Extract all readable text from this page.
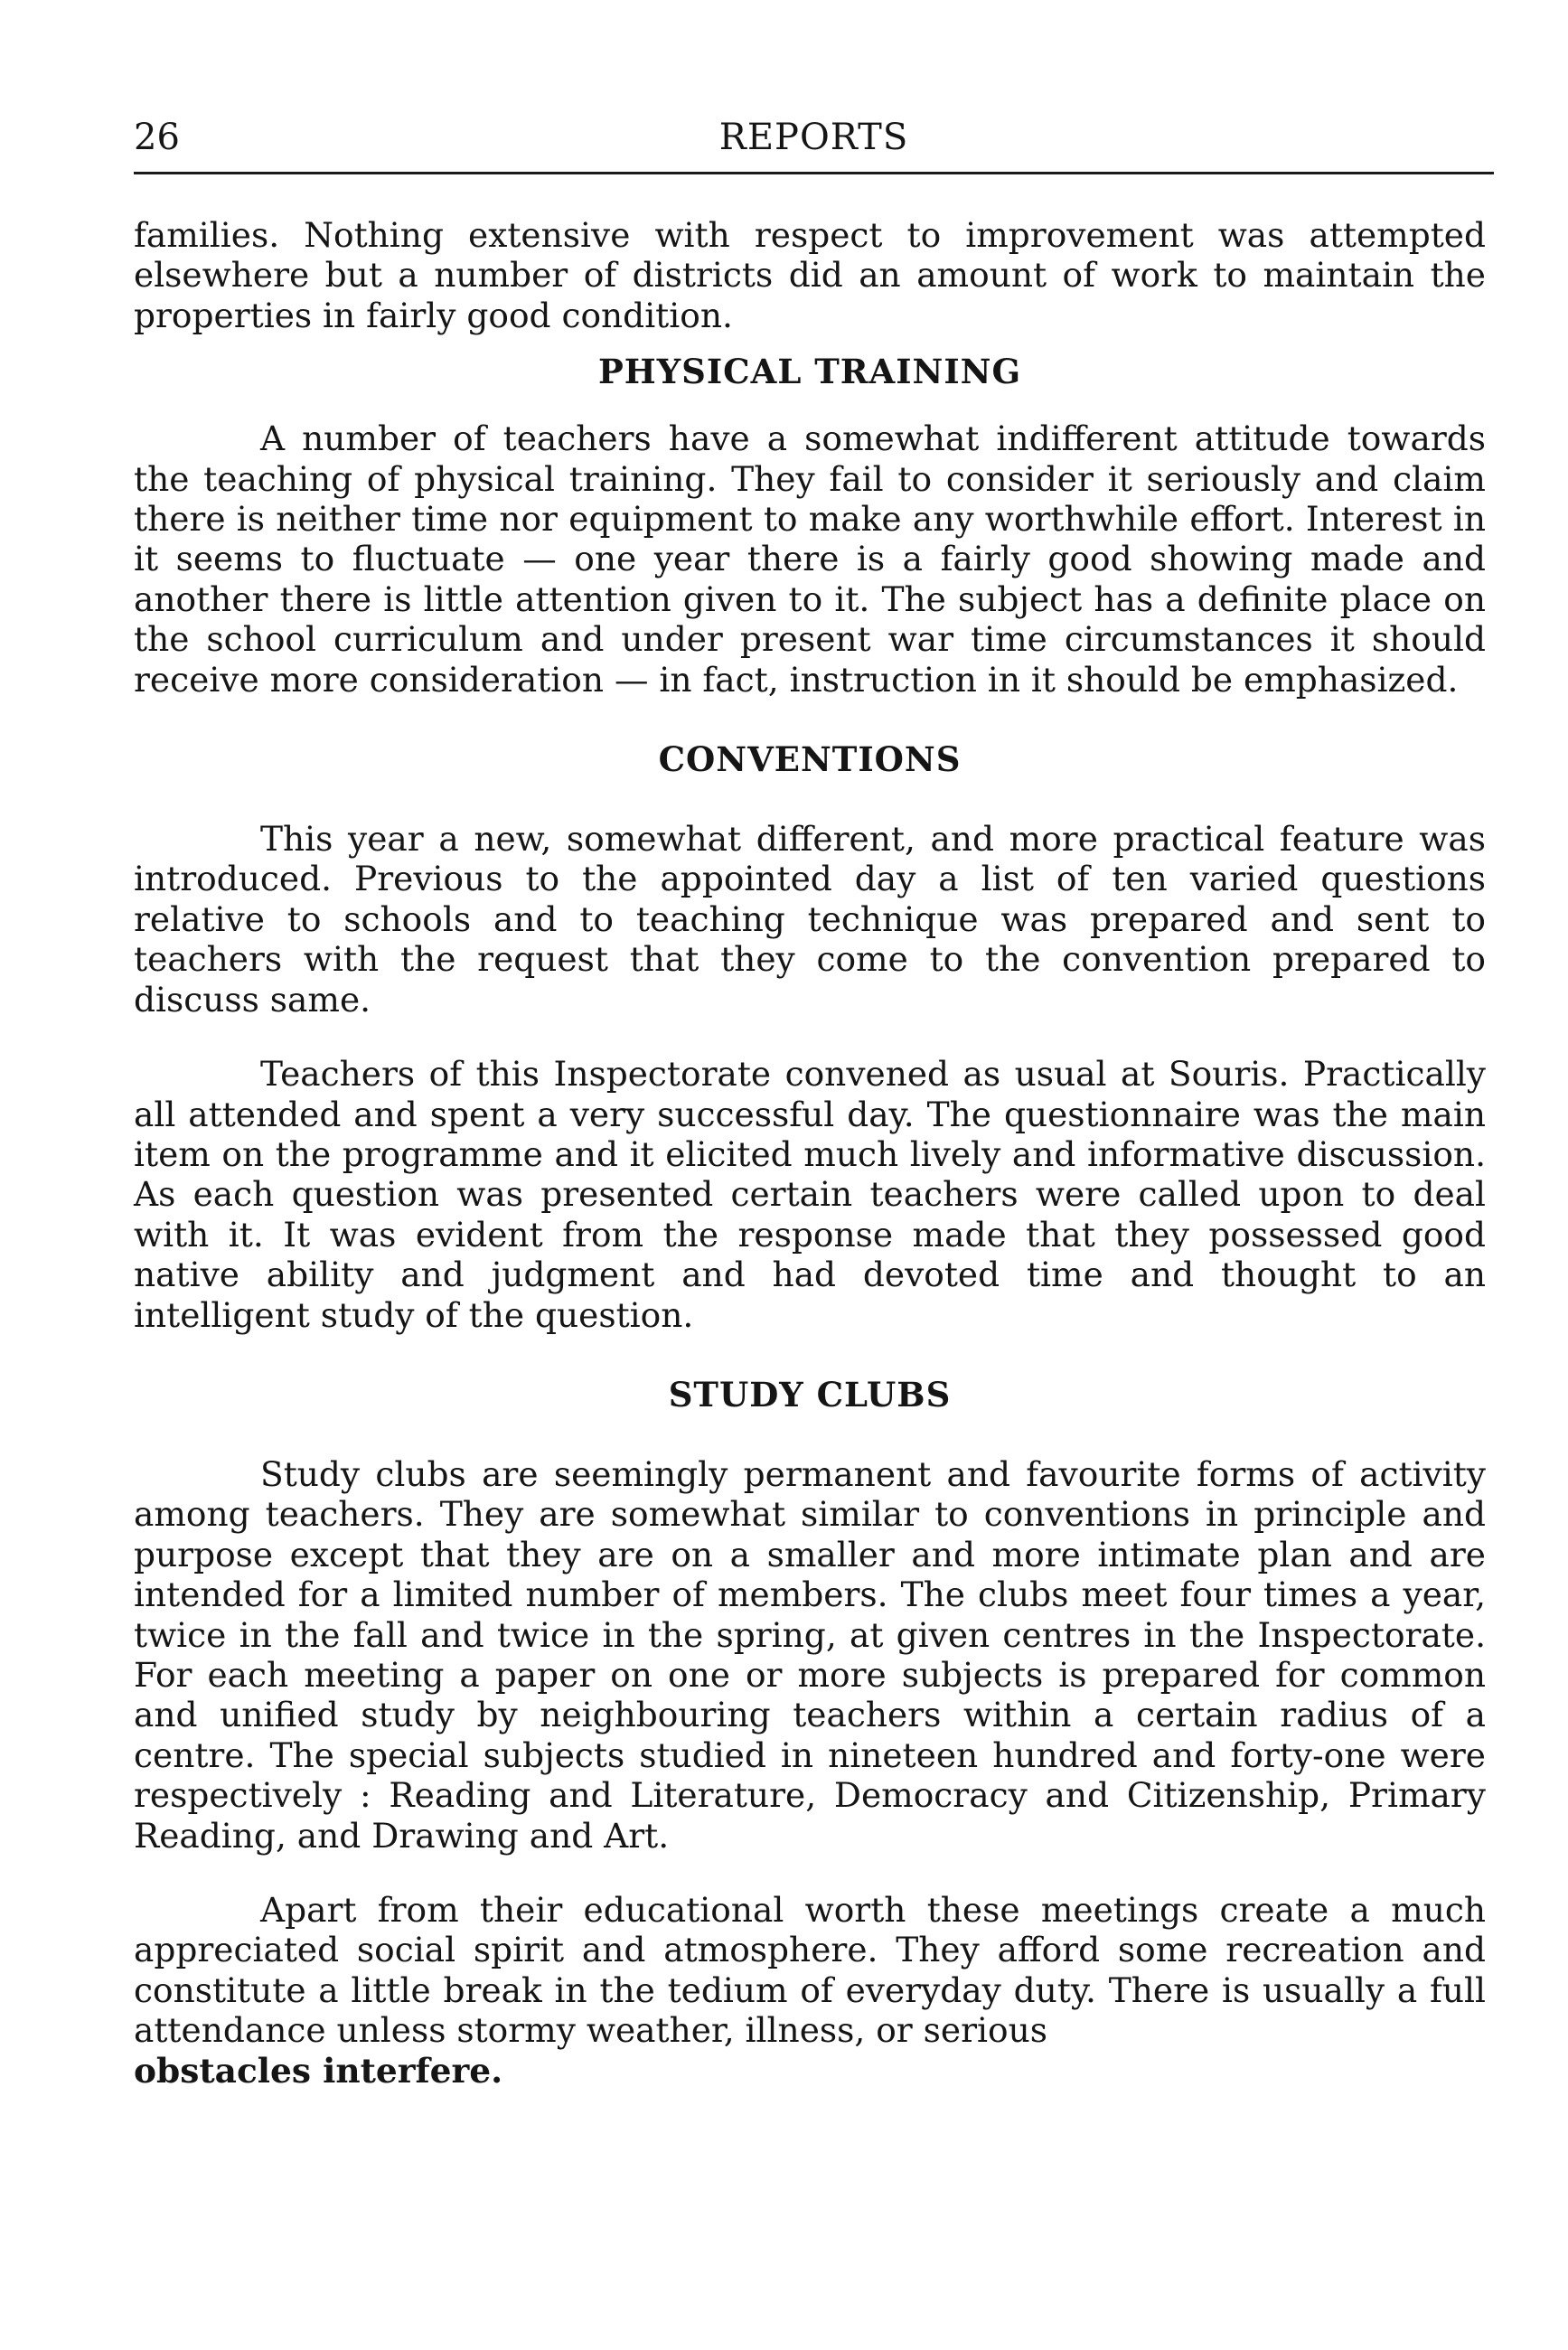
REPORTS
26

families. Nothing extensive with respect to improvement was attempted elsewhere but a number of districts did an amount of work to maintain the properties in fairly good condition.

PHYSICAL TRAINING

A number of teachers have a somewhat indifferent attitude towards the teaching of physical training. They fail to consider it seriously and claim there is neither time nor equipment to make any worthwhile effort. Interest in it seems to fluctuate — one year there is a fairly good showing made and another there is little attention given to it. The subject has a definite place on the school curriculum and under present war time circumstances it should receive more consideration — in fact, instruction in it should be emphasized.

CONVENTIONS

This year a new, somewhat different, and more practical feature was introduced. Previous to the appointed day a list of ten varied questions relative to schools and to teaching technique was prepared and sent to teachers with the request that they come to the convention prepared to discuss same.

Teachers of this Inspectorate convened as usual at Souris. Practically all attended and spent a very successful day. The questionnaire was the main item on the programme and it elicited much lively and informative discussion. As each question was presented certain teachers were called upon to deal with it. It was evident from the response made that they possessed good native ability and judgment and had devoted time and thought to an intelligent study of the question.

STUDY CLUBS

Study clubs are seemingly permanent and favourite forms of activity among teachers. They are somewhat similar to conventions in principle and purpose except that they are on a smaller and more intimate plan and are intended for a limited number of members. The clubs meet four times a year, twice in the fall and twice in the spring, at given centres in the Inspectorate. For each meeting a paper on one or more subjects is prepared for common and unified study by neighbouring teachers within a certain radius of a centre. The special subjects studied in nineteen hundred and forty-one were respectively : Reading and Literature, Democracy and Citizenship, Primary Reading, and Drawing and Art.

Apart from their educational worth these meetings create a much appreciated social spirit and atmosphere. They afford some recreation and constitute a little break in the tedium of everyday duty. There is usually a full attendance unless stormy weather, illness, or serious

obstacles interfere.
